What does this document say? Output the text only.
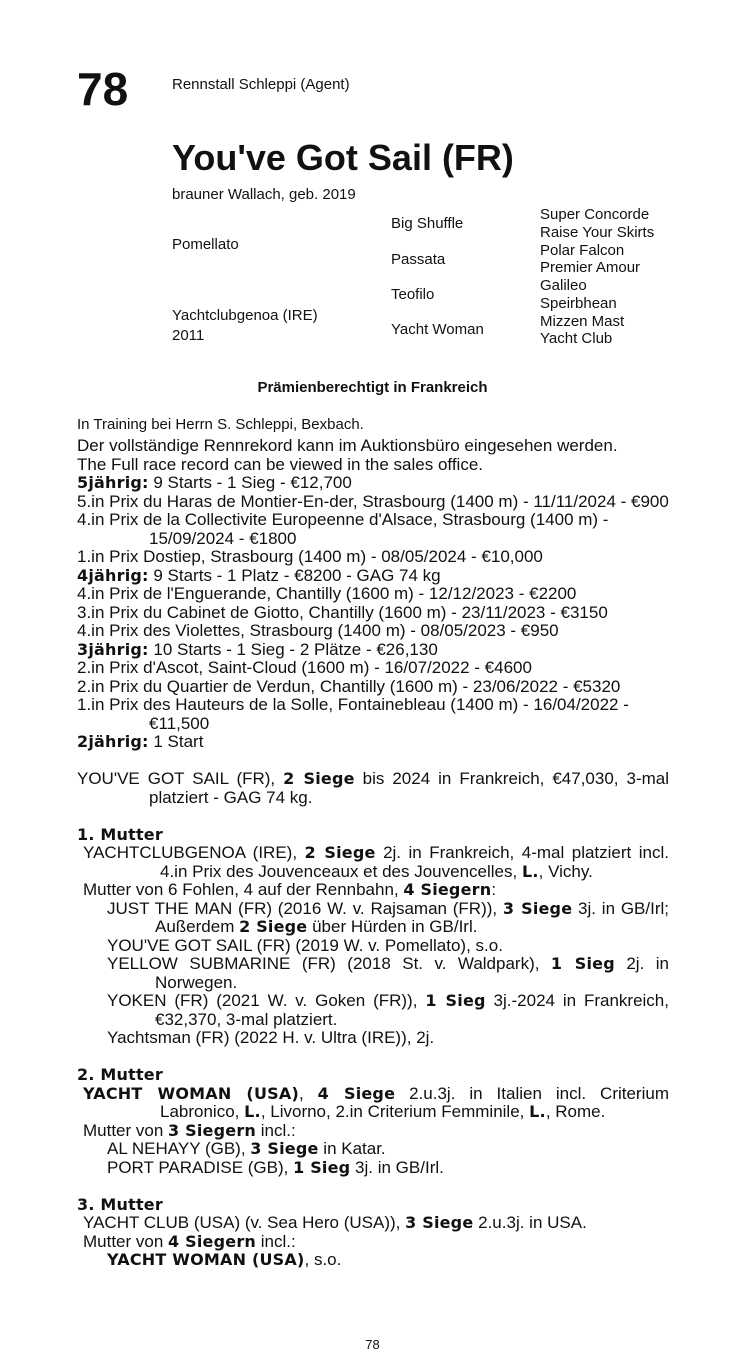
78	Rennstall Schleppi (Agent)
You've Got Sail (FR)
brauner Wallach, geb. 2019
Pomellato
Yachtclubgenoa (IRE)
2011
Big Shuffle
Passata
Teofilo
Yacht Woman
Super Concorde
Raise Your Skirts
Polar Falcon
Premier Amour
Galileo
Speirbhean
Mizzen Mast
Yacht Club
Prämienberechtigt in Frankreich
In Training bei Herrn S. Schleppi, Bexbach.

Der vollständige Rennrekord kann im Auktionsbüro eingesehen werden.

The Full race record can be viewed in the sales office.

5jährig: 9 Starts - 1 Sieg - €12,700

5.in Prix du Haras de Montier-En-der, Strasbourg (1400 m) - 11/11/2024 - €900

4.in Prix de la Collectivite Europeenne d'Alsace, Strasbourg (1400 m) - 15/09/2024 - €1800

1.in Prix Dostiep, Strasbourg (1400 m) - 08/05/2024 - €10,000

4jährig: 9 Starts - 1 Platz - €8200 - GAG 74 kg

4.in Prix de l'Enguerande, Chantilly (1600 m) - 12/12/2023 - €2200

3.in Prix du Cabinet de Giotto, Chantilly (1600 m) - 23/11/2023 - €3150

4.in Prix des Violettes, Strasbourg (1400 m) - 08/05/2023 - €950

3jährig: 10 Starts - 1 Sieg - 2 Plätze - €26,130

2.in Prix d'Ascot, Saint-Cloud (1600 m) - 16/07/2022 - €4600

2.in Prix du Quartier de Verdun, Chantilly (1600 m) - 23/06/2022 - €5320

1.in Prix des Hauteurs de la Solle, Fontainebleau (1400 m) - 16/04/2022 - €11,500

2jährig: 1 Start

YOU'VE GOT SAIL (FR), 2 Siege bis 2024 in Frankreich, €47,030, 3-mal platziert - GAG 74 kg.

1. Mutter

YACHTCLUBGENOA (IRE), 2 Siege 2j. in Frankreich, 4-mal platziert incl. 4.in Prix des Jouvenceaux et des Jouvencelles, L., Vichy.

Mutter von 6 Fohlen, 4 auf der Rennbahn, 4 Siegern:

JUST THE MAN (FR) (2016 W. v. Rajsaman (FR)), 3 Siege 3j. in GB/Irl; Außerdem 2 Siege über Hürden in GB/Irl.

YOU'VE GOT SAIL (FR) (2019 W. v. Pomellato), s.o.

YELLOW SUBMARINE (FR) (2018 St. v. Waldpark), 1 Sieg 2j. in Norwegen.

YOKEN (FR) (2021 W. v. Goken (FR)), 1 Sieg 3j.-2024 in Frankreich, €32,370, 3-mal platziert.

Yachtsman (FR) (2022 H. v. Ultra (IRE)), 2j.

2. Mutter

YACHT WOMAN (USA), 4 Siege 2.u.3j. in Italien incl. Criterium Labronico, L., Livorno, 2.in Criterium Femminile, L., Rome.

Mutter von 3 Siegern incl.:

AL NEHAYY (GB), 3 Siege in Katar.

PORT PARADISE (GB), 1 Sieg 3j. in GB/Irl.

3. Mutter

YACHT CLUB (USA) (v. Sea Hero (USA)), 3 Siege 2.u.3j. in USA.

Mutter von 4 Siegern incl.:

YACHT WOMAN (USA), s.o.

78
